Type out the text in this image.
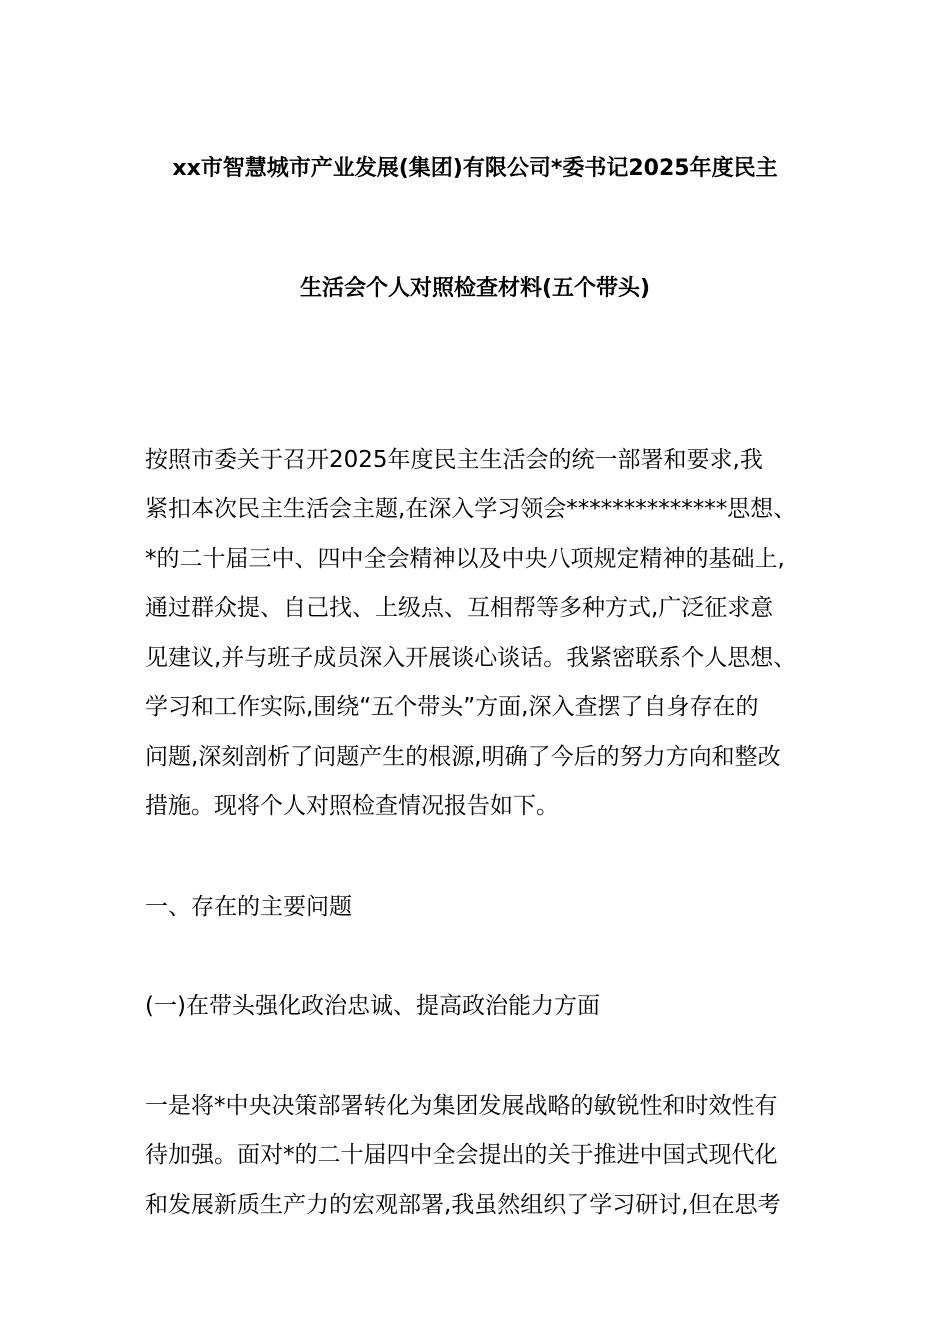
xx市智慧城市产业发展(集团)有限公司*委书记2025年度民主
生活会个人对照检查材料(五个带头)
按照市委关于召开2025年度民主生活会的统一部署和要求,我
紧扣本次民主生活会主题,在深入学习领会**************思想、
*的二十届三中、四中全会精神以及中央八项规定精神的基础上,
通过群众提、自己找、上级点、互相帮等多种方式,广泛征求意
见建议,并与班子成员深入开展谈心谈话。我紧密联系个人思想、
学习和工作实际,围绕“五个带头”方面,深入查摆了自身存在的
问题,深刻剖析了问题产生的根源,明确了今后的努力方向和整改
措施。现将个人对照检查情况报告如下。
一、存在的主要问题
(一)在带头强化政治忠诚、提高政治能力方面
一是将*中央决策部署转化为集团发展战略的敏锐性和时效性有
待加强。面对*的二十届四中全会提出的关于推进中国式现代化
和发展新质生产力的宏观部署,我虽然组织了学习研讨,但在思考
